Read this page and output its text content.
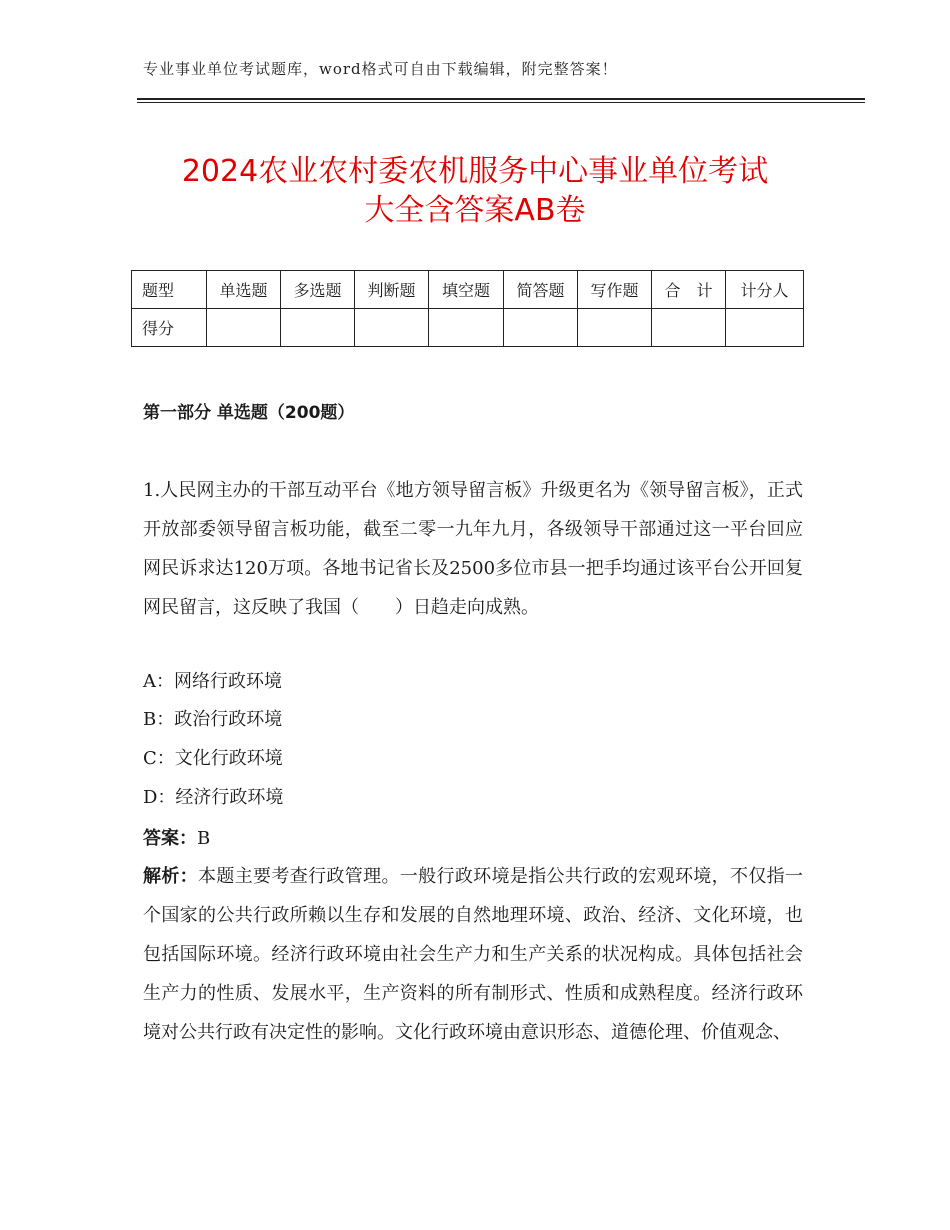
专业事业单位考试题库，word格式可自由下载编辑，附完整答案！
2024农业农村委农机服务中心事业单位考试
大全含答案AB卷
题型	单选题	多选题	判断题	填空题	简答题	写作题	合　计	计分人
得分								
第一部分 单选题（200题）
1.人民网主办的干部互动平台《地方领导留言板》升级更名为《领导留言板》，正式开放部委领导留言板功能，截至二零一九年九月，各级领导干部通过这一平台回应网民诉求达120万项。各地书记省长及2500多位市县一把手均通过该平台公开回复网民留言，这反映了我国（　　）日趋走向成熟。
A：网络行政环境
B：政治行政环境
C：文化行政环境
D：经济行政环境
答案：B
解析：本题主要考查行政管理。一般行政环境是指公共行政的宏观环境，不仅指一个国家的公共行政所赖以生存和发展的自然地理环境、政治、经济、文化环境，也包括国际环境。经济行政环境由社会生产力和生产关系的状况构成。具体包括社会生产力的性质、发展水平，生产资料的所有制形式、性质和成熟程度。经济行政环境对公共行政有决定性的影响。文化行政环境由意识形态、道德伦理、价值观念、
